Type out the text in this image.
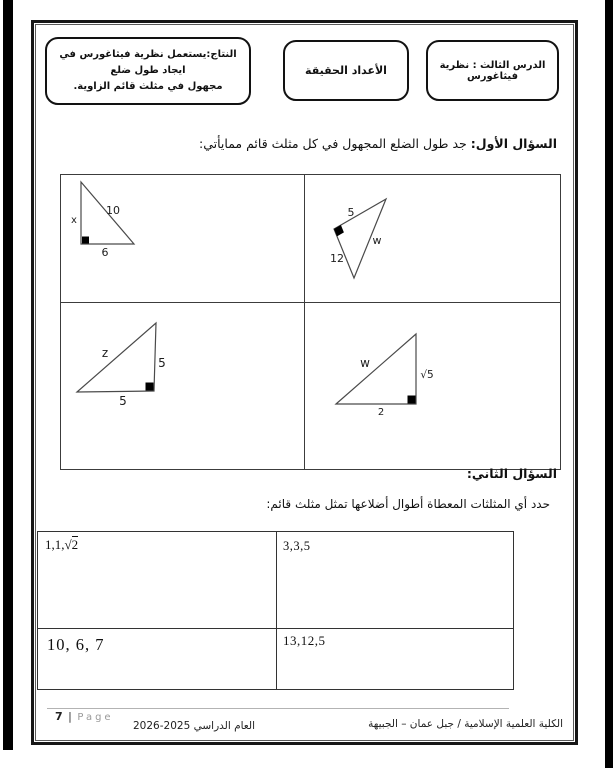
الدرس الثالث : نظرية فيثاغورس
الأعداد الحقيقة
النتاج:يستعمل نظرية فيثاغورس في ايجاد طول ضلع
مجهول في مثلث قائم الزاوية.
السؤال الأول:جد طول الضلع المجهول في كل مثلث قائم ممايأتي:
x
10
6
5
w
12
z
5
5
w
√5
2
السؤال الثاني:
حدد أي المثلثات المعطاة أطوال أضلاعها تمثل مثلث قائم:
1,1,√2	3,3,5
10, 6, 7	13,12,5
7 | Page
العام الدراسي 2025-2026	الكلية العلمية الإسلامية / جبل عمان – الجبيهة
